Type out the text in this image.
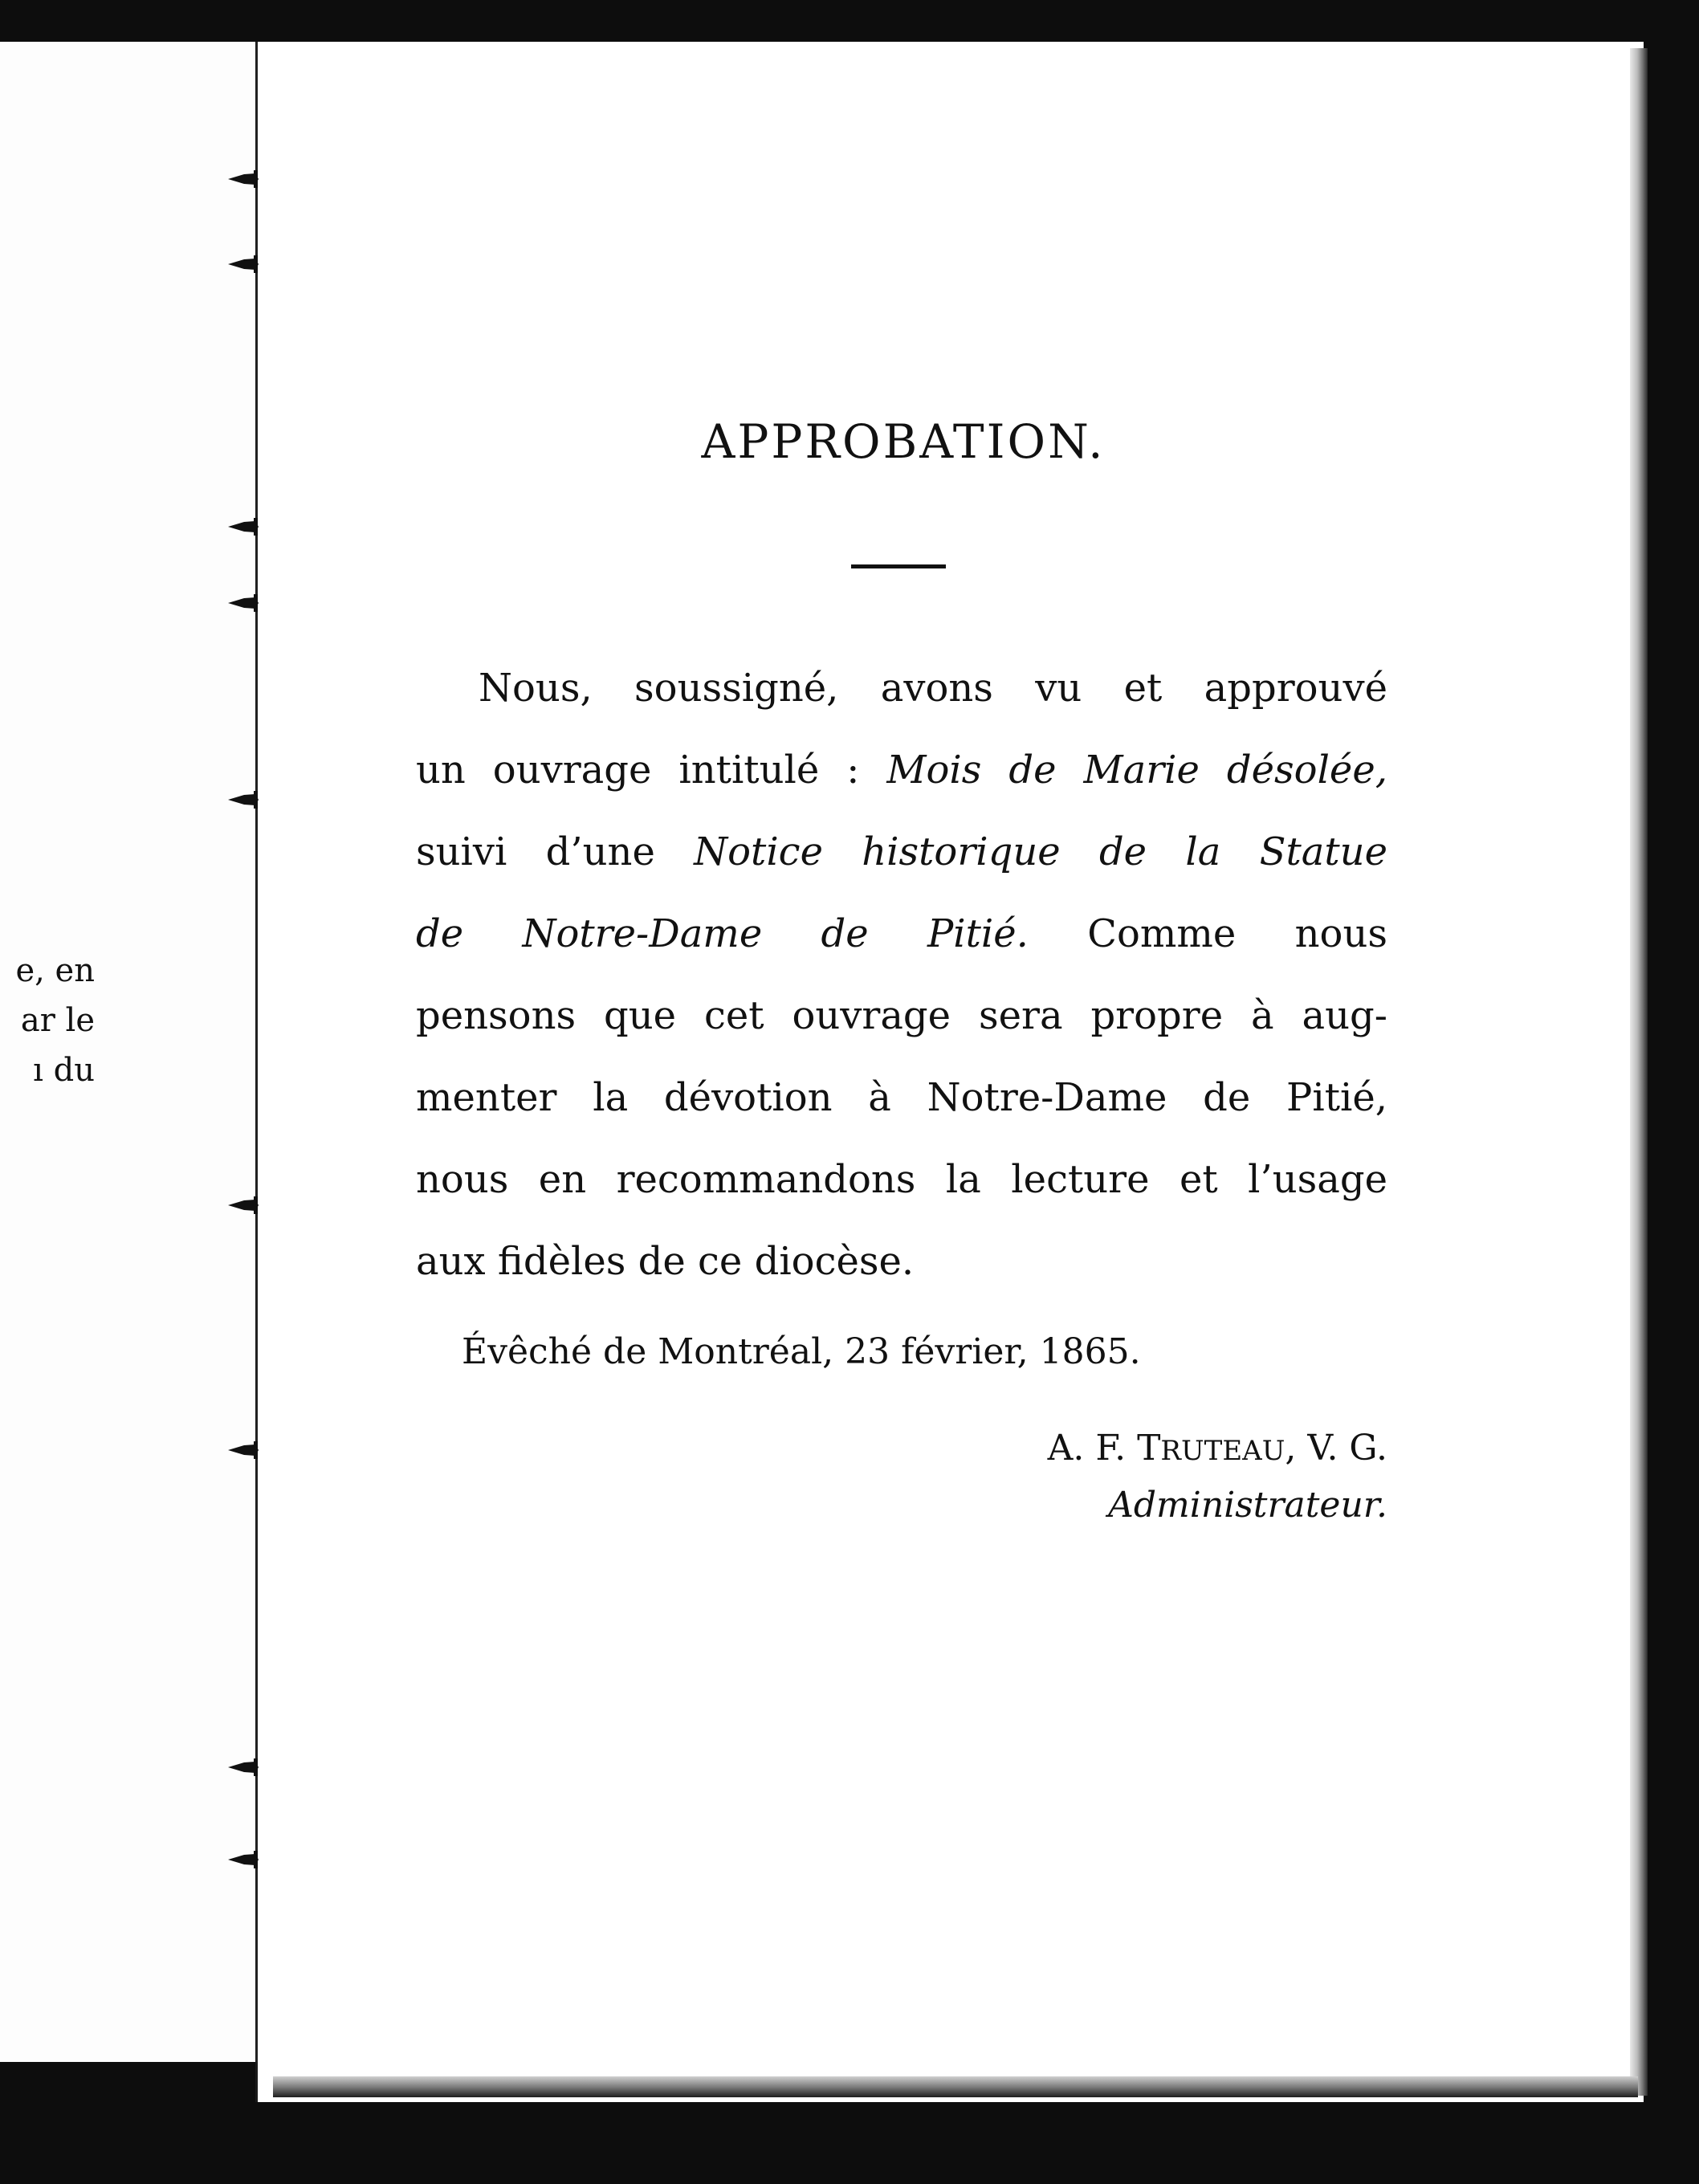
e, en
ar le
ı du
APPROBATION.
Nous, soussigné, avons vu et approuvé
un ouvrage intitulé : Mois de Marie désolée,
suivi d’une Notice historique de la Statue
de Notre-Dame de Pitié. Comme nous
pensons que cet ouvrage sera propre à aug-
menter la dévotion à Notre-Dame de Pitié,
nous en recommandons la lecture et l’usage
aux fidèles de ce diocèse.
Évêché de Montréal, 23 février, 1865.
A. F. TRUTEAU, V. G.
Administrateur.
